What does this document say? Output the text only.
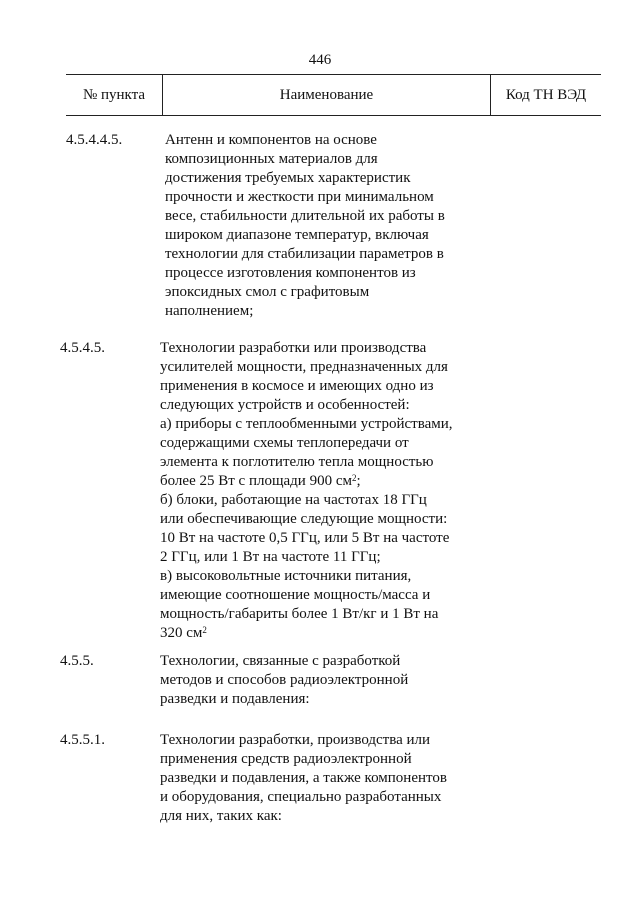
446
№ пункта	Наименование	Код ТН ВЭД
4.5.4.4.5.	Антенн и компонентов на основе
композиционных материалов для
достижения требуемых характеристик
прочности и жесткости при минимальном
весе, стабильности длительной их работы в
широком диапазоне температур, включая
технологии для стабилизации параметров в
процессе изготовления компонентов из
эпоксидных смол с графитовым
наполнением;
4.5.4.5.	Технологии разработки или производства
усилителей мощности, предназначенных для
применения в космосе и имеющих одно из
следующих устройств и особенностей:
а) приборы с теплообменными устройствами,
содержащими схемы теплопередачи от
элемента к поглотителю тепла мощностью
более 25 Вт с площади 900 $см^2$;
б) блоки, работающие на частотах 18 ГГц
или обеспечивающие следующие мощности:
10 Вт на частоте 0,5 ГГц, или 5 Вт на частоте
2 ГГц, или 1 Вт на частоте 11 ГГц;
в) высоковольтные источники питания,
имеющие соотношение мощность/масса и
мощность/габариты более 1 Вт/кг и 1 Вт на
320 $см^2$
4.5.5.	Технологии, связанные с разработкой
методов и способов радиоэлектронной
разведки и подавления:
4.5.5.1.	Технологии разработки, производства или
применения средств радиоэлектронной
разведки и подавления, а также компонентов
и оборудования, специально разработанных
для них, таких как:
